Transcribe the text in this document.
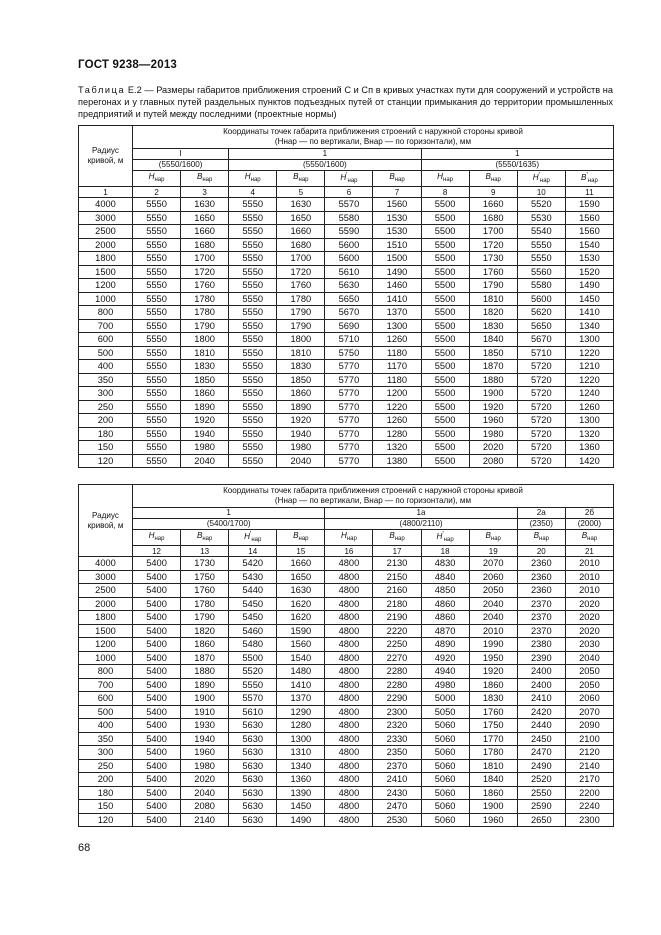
ГОСТ 9238—2013
Таблица Е.2 — Размеры габаритов приближения строений С и Сп в кривых участках пути для сооружений и устройств на перегонах и у главных путей раздельных пунктов подъездных путей от станции примыкания до территории промышленных предприятий и путей между последними (проектные нормы)
Радиус кривой, м	Координаты точек габарита приближения строений с наружной стороны кривой
(Hнар — по вертикали, Bнар — по горизонтали), мм									

	I		1				1			
	(5550/1600)		(5550/1600)				(5550/1635)			
	$H_{нар}$	$B_{нар}$	$H_{нар}$	$B_{нар}$	$H'_{нар}$	$B_{нар}$	$H_{нар}$	$B_{нар}$	$H'_{нар}$	$B'_{нар}$
1	2	3	4	5	6	7	8	9	10	11
4000	5550	1630	5550	1630	5570	1560	5500	1660	5520	1590
3000	5550	1650	5550	1650	5580	1530	5500	1680	5530	1560
2500	5550	1660	5550	1660	5590	1530	5500	1700	5540	1560
2000	5550	1680	5550	1680	5600	1510	5500	1720	5550	1540
1800	5550	1700	5550	1700	5600	1500	5500	1730	5550	1530
1500	5550	1720	5550	1720	5610	1490	5500	1760	5560	1520
1200	5550	1760	5550	1760	5630	1460	5500	1790	5580	1490
1000	5550	1780	5550	1780	5650	1410	5500	1810	5600	1450
800	5550	1780	5550	1790	5670	1370	5500	1820	5620	1410
700	5550	1790	5550	1790	5690	1300	5500	1830	5650	1340
600	5550	1800	5550	1800	5710	1260	5500	1840	5670	1300
500	5550	1810	5550	1810	5750	1180	5500	1850	5710	1220
400	5550	1830	5550	1830	5770	1170	5500	1870	5720	1210
350	5550	1850	5550	1850	5770	1180	5500	1880	5720	1220
300	5550	1860	5550	1860	5770	1200	5500	1900	5720	1240
250	5550	1890	5550	1890	5770	1220	5500	1920	5720	1260
200	5550	1920	5550	1920	5770	1260	5500	1960	5720	1300
180	5550	1940	5550	1940	5770	1280	5500	1980	5720	1320
150	5550	1980	5550	1980	5770	1320	5500	2020	5720	1360
120	5550	2040	5550	2040	5770	1380	5500	2080	5720	1420
Радиус кривой, м	Координаты точек габарита приближения строений с наружной стороны кривой
(Hнар — по вертикали, Bнар — по горизонтали), мм									

	1				1а				2а	2б
	(5400/1700)				(4800/2110)				(2350)	(2000)
	$H_{нар}$	$B_{нар}$	$H'_{нар}$	$B_{нар}$	$H_{нар}$	$B_{нар}$	$H'_{нар}$	$B_{нар}$	$B_{нар}$	$B_{нар}$
	12	13	14	15	16	17	18	19	20	21
4000	5400	1730	5420	1660	4800	2130	4830	2070	2360	2010
3000	5400	1750	5430	1650	4800	2150	4840	2060	2360	2010
2500	5400	1760	5440	1630	4800	2160	4850	2050	2360	2010
2000	5400	1780	5450	1620	4800	2180	4860	2040	2370	2020
1800	5400	1790	5450	1620	4800	2190	4860	2040	2370	2020
1500	5400	1820	5460	1590	4800	2220	4870	2010	2370	2020
1200	5400	1860	5480	1560	4800	2250	4890	1990	2380	2030
1000	5400	1870	5500	1540	4800	2270	4920	1950	2390	2040
800	5400	1880	5520	1480	4800	2280	4940	1920	2400	2050
700	5400	1890	5550	1410	4800	2280	4980	1860	2400	2050
600	5400	1900	5570	1370	4800	2290	5000	1830	2410	2060
500	5400	1910	5610	1290	4800	2300	5050	1760	2420	2070
400	5400	1930	5630	1280	4800	2320	5060	1750	2440	2090
350	5400	1940	5630	1300	4800	2330	5060	1770	2450	2100
300	5400	1960	5630	1310	4800	2350	5060	1780	2470	2120
250	5400	1980	5630	1340	4800	2370	5060	1810	2490	2140
200	5400	2020	5630	1360	4800	2410	5060	1840	2520	2170
180	5400	2040	5630	1390	4800	2430	5060	1860	2550	2200
150	5400	2080	5630	1450	4800	2470	5060	1900	2590	2240
120	5400	2140	5630	1490	4800	2530	5060	1960	2650	2300
68
